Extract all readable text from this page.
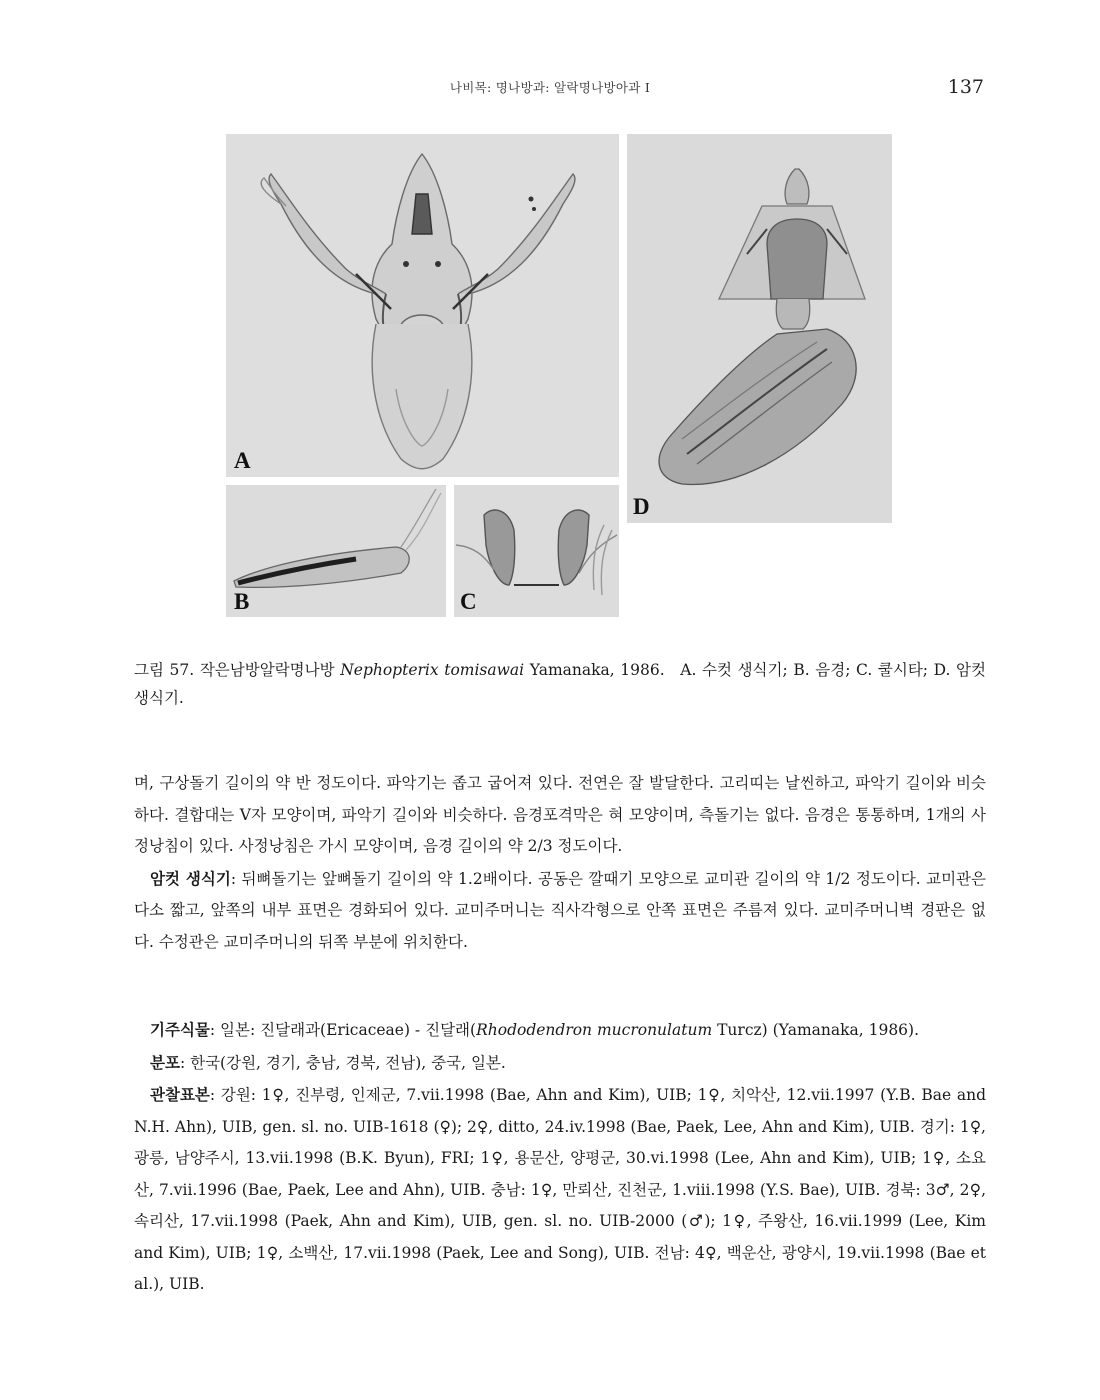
나비목: 명나방과: 알락명나방아과 I	137
A
D
B	C
그림 57. 작은남방알락명나방 Nephopterix tomisawai Yamanaka, 1986. A. 수컷 생식기; B. 음경; C. 쿨시타; D. 암컷 생식기.

며, 구상돌기 길이의 약 반 정도이다. 파악기는 좁고 굽어져 있다. 전연은 잘 발달한다. 고리띠는 날씬하고, 파악기 길이와 비슷하다. 결합대는 V자 모양이며, 파악기 길이와 비슷하다. 음경포격막은 혀 모양이며, 측돌기는 없다. 음경은 통통하며, 1개의 사정낭침이 있다. 사정낭침은 가시 모양이며, 음경 길이의 약 2/3 정도이다.

암컷 생식기: 뒤뼈돌기는 앞뼈돌기 길이의 약 1.2배이다. 공동은 깔때기 모양으로 교미관 길이의 약 1/2 정도이다. 교미관은 다소 짧고, 앞쪽의 내부 표면은 경화되어 있다. 교미주머니는 직사각형으로 안쪽 표면은 주름져 있다. 교미주머니벽 경판은 없다. 수정관은 교미주머니의 뒤쪽 부분에 위치한다.

기주식물: 일본: 진달래과(Ericaceae) - 진달래(Rhododendron mucronulatum Turcz) (Yamanaka, 1986).

분포: 한국(강원, 경기, 충남, 경북, 전남), 중국, 일본.

관찰표본: 강원: 1♀, 진부령, 인제군, 7.vii.1998 (Bae, Ahn and Kim), UIB; 1♀, 치악산, 12.vii.1997 (Y.B. Bae and N.H. Ahn), UIB, gen. sl. no. UIB-1618 (♀); 2♀, ditto, 24.iv.1998 (Bae, Paek, Lee, Ahn and Kim), UIB. 경기: 1♀, 광릉, 남양주시, 13.vii.1998 (B.K. Byun), FRI; 1♀, 용문산, 양평군, 30.vi.1998 (Lee, Ahn and Kim), UIB; 1♀, 소요산, 7.vii.1996 (Bae, Paek, Lee and Ahn), UIB. 충남: 1♀, 만뢰산, 진천군, 1.viii.1998 (Y.S. Bae), UIB. 경북: 3♂, 2♀, 속리산, 17.vii.1998 (Paek, Ahn and Kim), UIB, gen. sl. no. UIB-2000 (♂); 1♀, 주왕산, 16.vii.1999 (Lee, Kim and Kim), UIB; 1♀, 소백산, 17.vii.1998 (Paek, Lee and Song), UIB. 전남: 4♀, 백운산, 광양시, 19.vii.1998 (Bae et al.), UIB.
